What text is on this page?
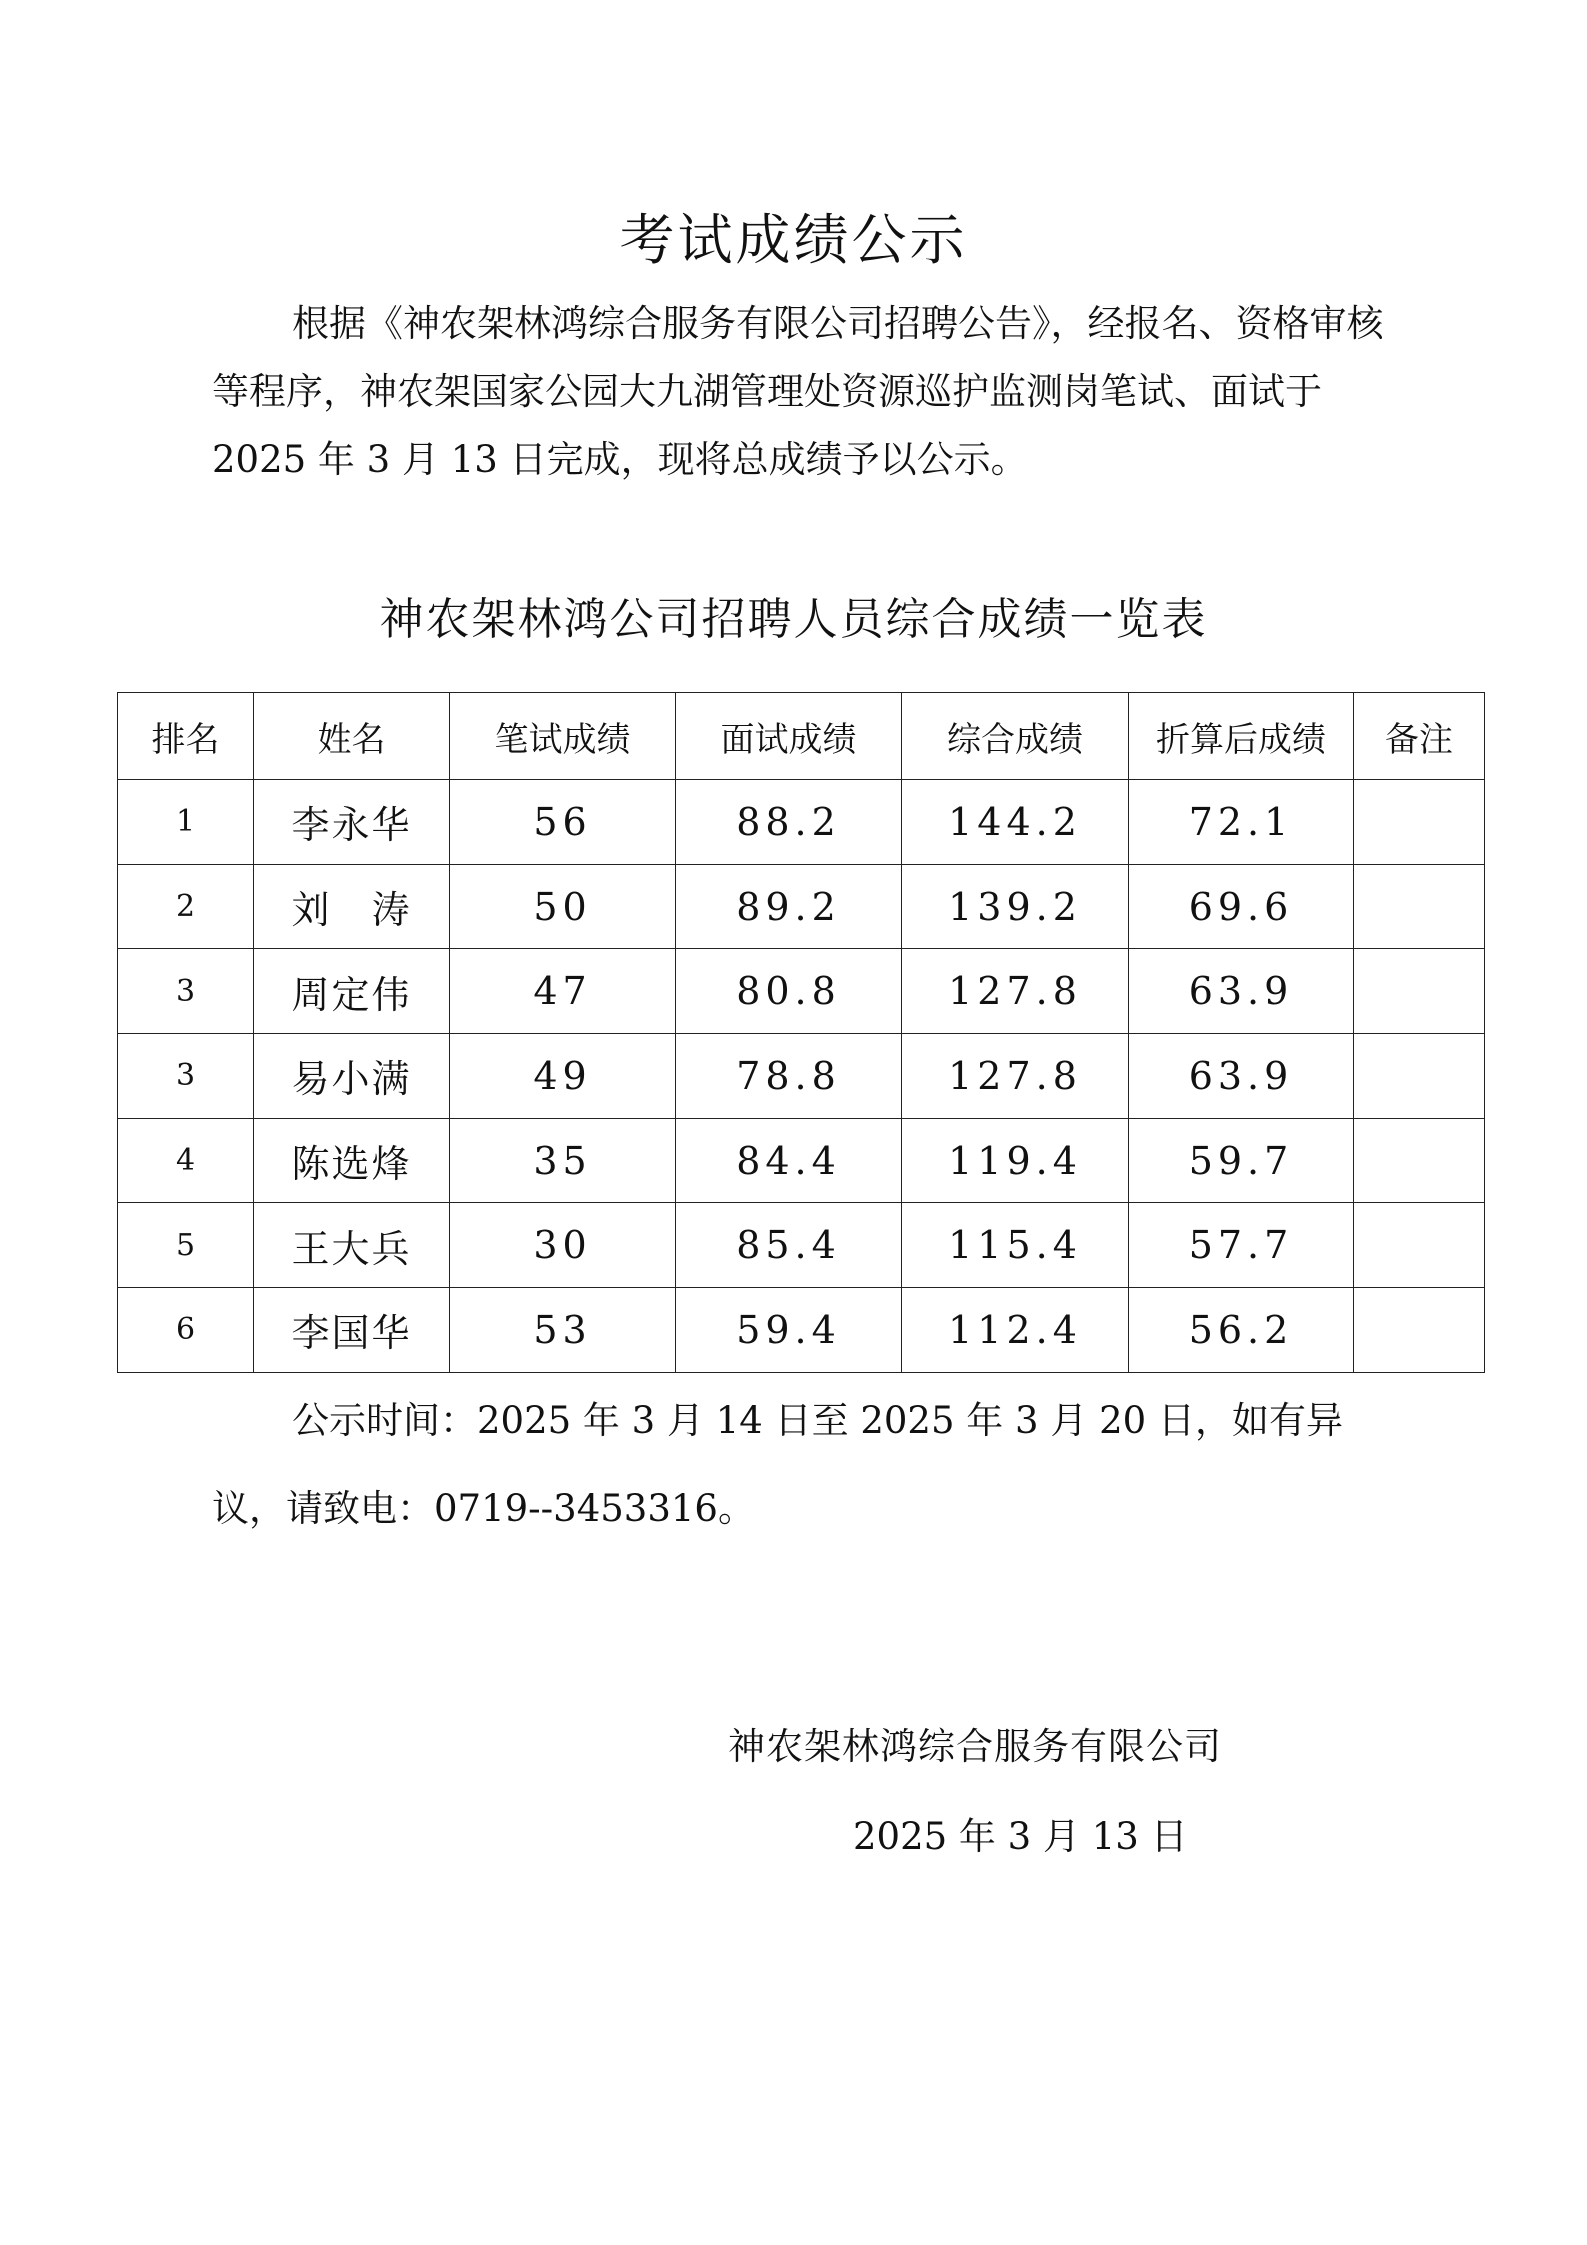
考试成绩公示

根据《神农架林鸿综合服务有限公司招聘公告》，经报名、资格审核等程序，神农架国家公园大九湖管理处资源巡护监测岗笔试、面试于 2025 年 3 月 13 日完成，现将总成绩予以公示。

神农架林鸿公司招聘人员综合成绩一览表
排名	姓名	笔试成绩	面试成绩	综合成绩	折算后成绩	备注
1	李永华	56	88.2	144.2	72.1	
2	刘　涛	50	89.2	139.2	69.6	
3	周定伟	47	80.8	127.8	63.9	
3	易小满	49	78.8	127.8	63.9	
4	陈选烽	35	84.4	119.4	59.7	
5	王大兵	30	85.4	115.4	57.7	
6	李国华	53	59.4	112.4	56.2	

公示时间：2025 年 3 月 14 日至 2025 年 3 月 20 日，如有异议，请致电：0719--3453316。

神农架林鸿综合服务有限公司
2025 年 3 月 13 日
